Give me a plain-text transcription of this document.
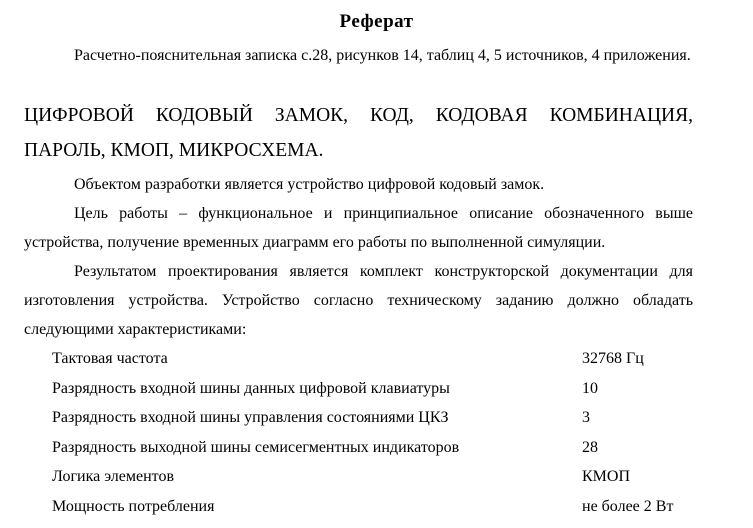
Реферат
Расчетно-пояснительная записка с.28, рисунков 14, таблиц 4, 5 источников, 4 приложения.
ЦИФРОВОЙ КОДОВЫЙ ЗАМОК, КОД, КОДОВАЯ КОМБИНАЦИЯ, ПАРОЛЬ, КМОП, МИКРОСХЕМА.
Объектом разработки является устройство цифровой кодовый замок.
Цель работы – функциональное и принципиальное описание обозначенного выше устройства, получение временных диаграмм его работы по выполненной симуляции.
Результатом проектирования является комплект конструкторской документации для изготовления устройства. Устройство согласно техническому заданию должно обладать следующими характеристиками:
Тактовая частота	32768 Гц
Разрядность входной шины данных цифровой клавиатуры	10
Разрядность входной шины управления состояниями ЦКЗ	3
Разрядность выходной шины семисегментных индикаторов	28
Логика элементов	КМОП
Мощность потребления	не более 2 Вт
